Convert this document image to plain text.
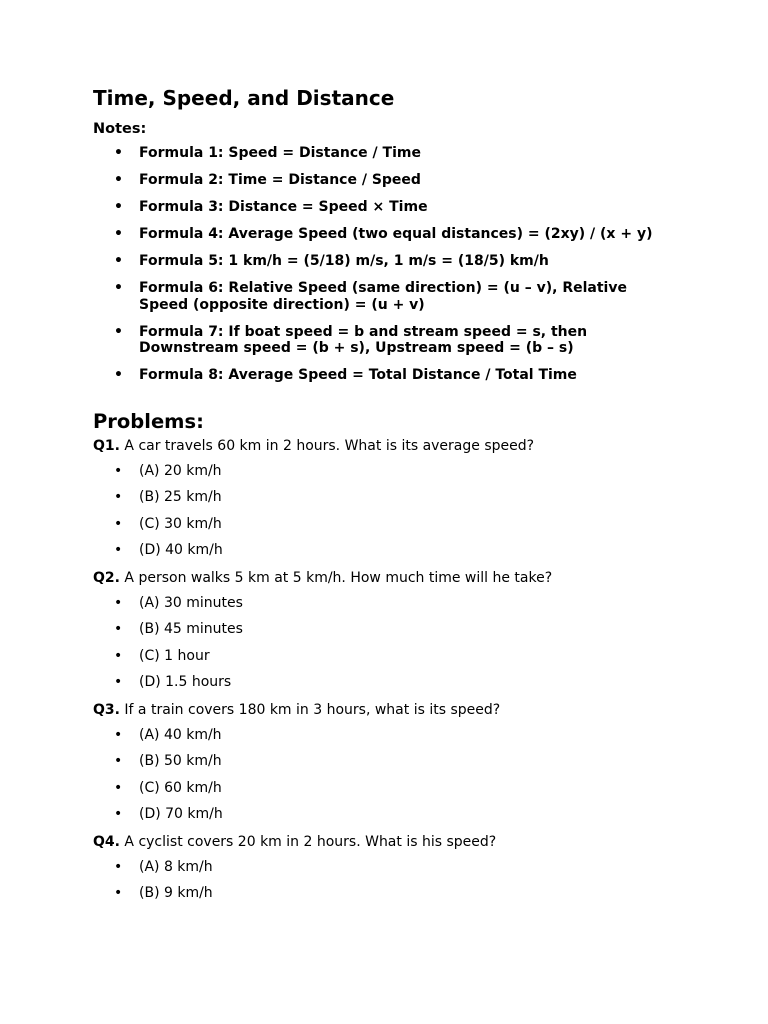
Time, Speed, and Distance

Notes:

• Formula 1: Speed = Distance / Time
• Formula 2: Time = Distance / Speed
• Formula 3: Distance = Speed × Time
• Formula 4: Average Speed (two equal distances) = (2xy) / (x + y)
• Formula 5: 1 km/h = (5/18) m/s, 1 m/s = (18/5) km/h
• Formula 6: Relative Speed (same direction) = (u – v), Relative Speed (opposite direction) = (u + v)
• Formula 7: If boat speed = b and stream speed = s, then Downstream speed = (b + s), Upstream speed = (b – s)
• Formula 8: Average Speed = Total Distance / Total Time
Problems:

Q1. A car travels 60 km in 2 hours. What is its average speed?

• (A) 20 km/h
• (B) 25 km/h
• (C) 30 km/h
• (D) 40 km/h

Q2. A person walks 5 km at 5 km/h. How much time will he take?

• (A) 30 minutes
• (B) 45 minutes
• (C) 1 hour
• (D) 1.5 hours

Q3. If a train covers 180 km in 3 hours, what is its speed?

• (A) 40 km/h
• (B) 50 km/h
• (C) 60 km/h
• (D) 70 km/h

Q4. A cyclist covers 20 km in 2 hours. What is his speed?

• (A) 8 km/h
• (B) 9 km/h
